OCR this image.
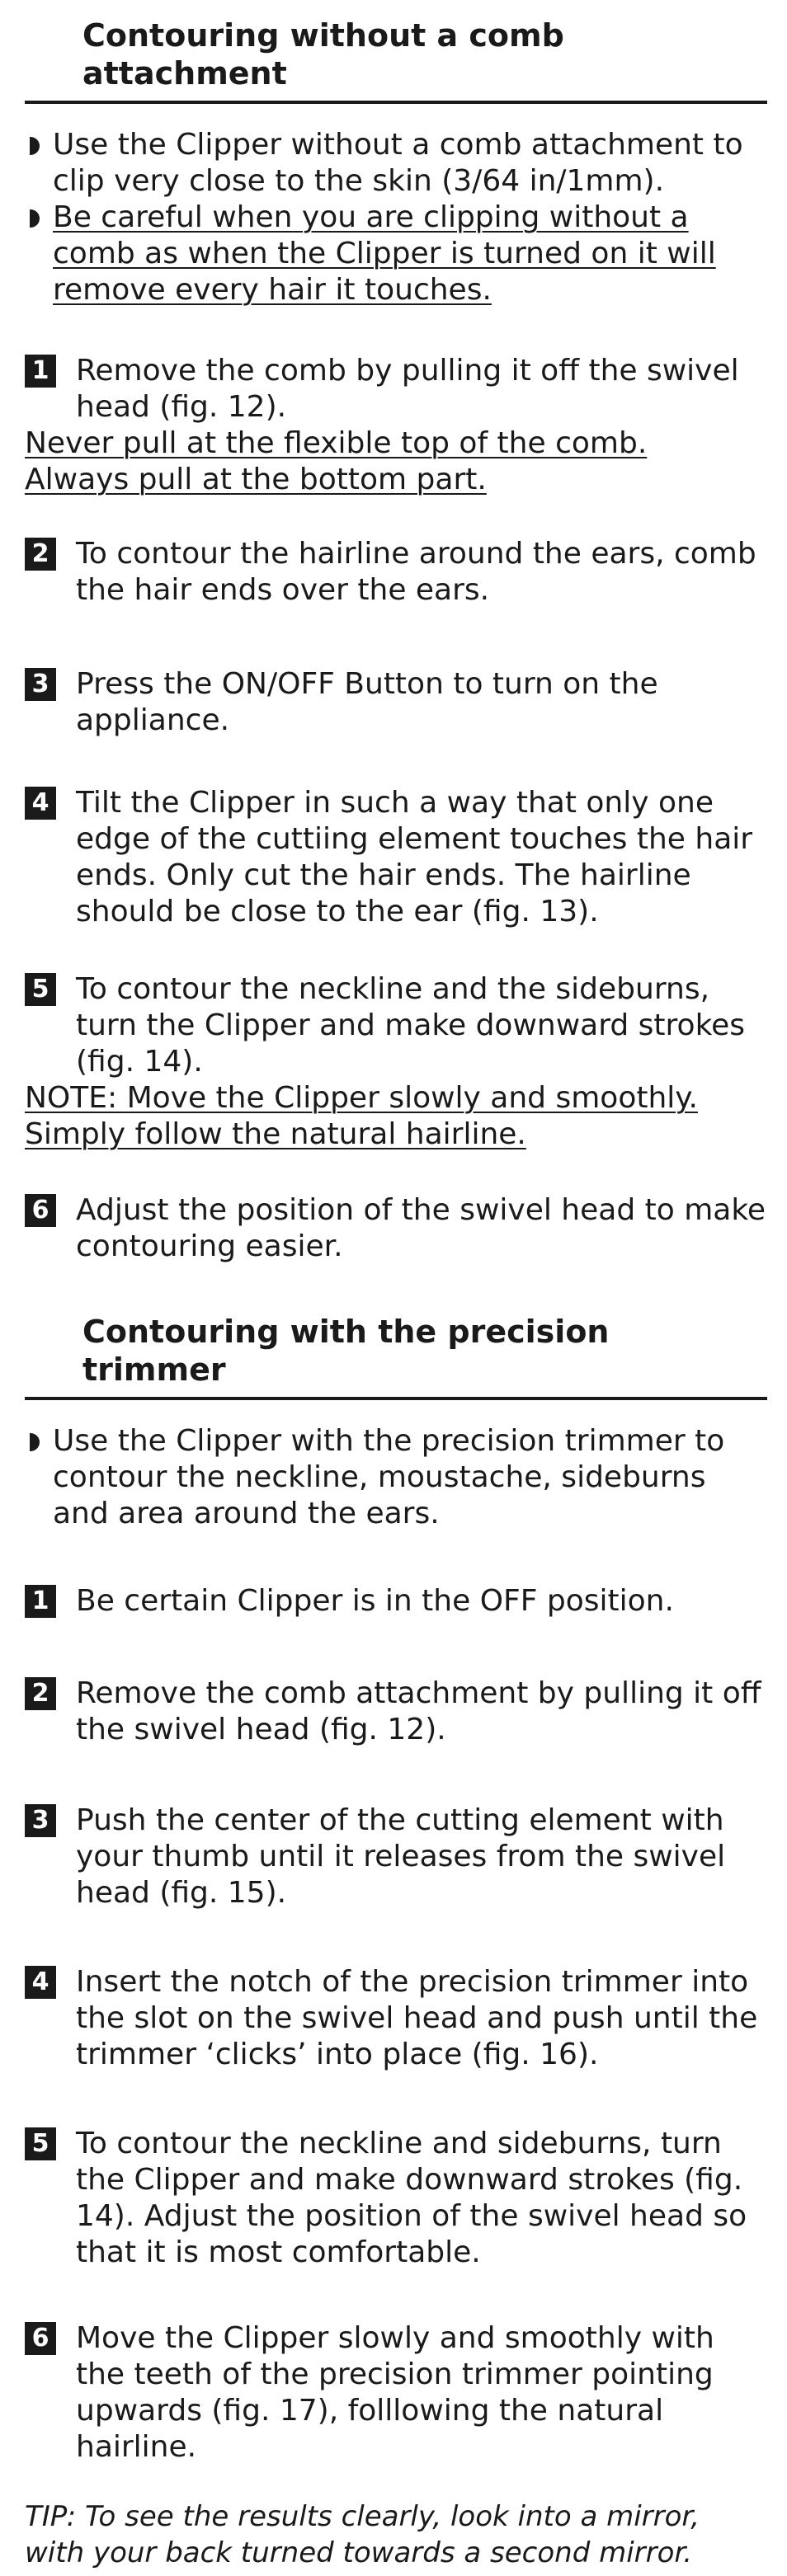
Contouring without a comb attachment
Use the Clipper without a comb attachment to clip very close to the skin (3/64 in/1mm).
Be careful when you are clipping without a comb as when the Clipper is turned on it will remove every hair it touches.
1 Remove the comb by pulling it off the swivel head (fig. 12).
Never pull at the flexible top of the comb. Always pull at the bottom part.
2 To contour the hairline around the ears, comb the hair ends over the ears.
3 Press the ON/OFF Button to turn on the appliance.
4 Tilt the Clipper in such a way that only one edge of the cuttiing element touches the hair ends. Only cut the hair ends. The hairline should be close to the ear (fig. 13).
5 To contour the neckline and the sideburns, turn the Clipper and make downward strokes (fig. 14).
NOTE: Move the Clipper slowly and smoothly. Simply follow the natural hairline.
6 Adjust the position of the swivel head to make contouring easier.
Contouring with the precision trimmer
Use the Clipper with the precision trimmer to contour the neckline, moustache, sideburns and area around the ears.
1 Be certain Clipper is in the OFF position.
2 Remove the comb attachment by pulling it off the swivel head (fig. 12).
3 Push the center of the cutting element with your thumb until it releases from the swivel head (fig. 15).
4 Insert the notch of the precision trimmer into the slot on the swivel head and push until the trimmer ‘clicks’ into place (fig. 16).
5 To contour the neckline and sideburns, turn the Clipper and make downward strokes (fig. 14). Adjust the position of the swivel head so that it is most comfortable.
6 Move the Clipper slowly and smoothly with the teeth of the precision trimmer pointing upwards (fig. 17), folllowing the natural hairline.
TIP: To see the results clearly, look into a mirror, with your back turned towards a second mirror.
